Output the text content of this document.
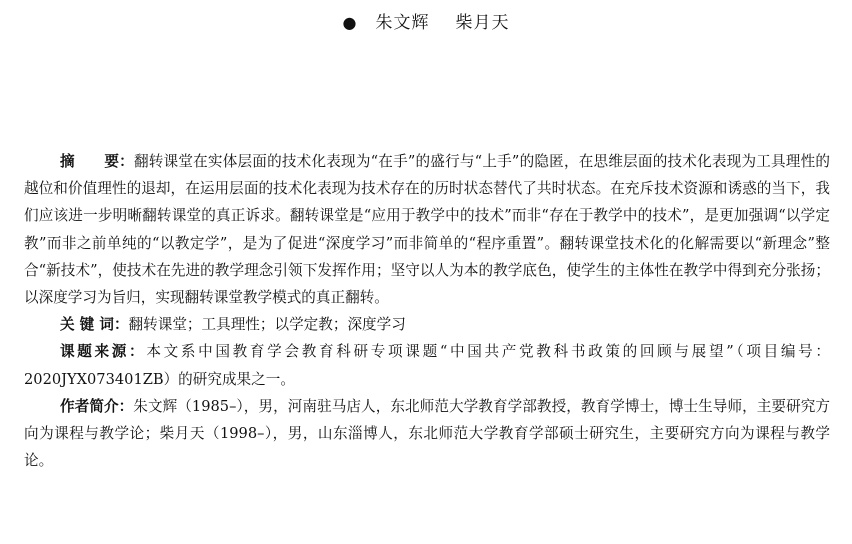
● 朱文辉 柴月天

摘　　要：翻转课堂在实体层面的技术化表现为“在手”的盛行与“上手”的隐匿，在思维层面的技术化表现为工具理性的越位和价值理性的退却，在运用层面的技术化表现为技术存在的历时状态替代了共时状态。在充斥技术资源和诱惑的当下，我们应该进一步明晰翻转课堂的真正诉求。翻转课堂是“应用于教学中的技术”而非“存在于教学中的技术”，是更加强调“以学定教”而非之前单纯的“以教定学”，是为了促进“深度学习”而非简单的“程序重置”。翻转课堂技术化的化解需要以“新理念”整合“新技术”，使技术在先进的教学理念引领下发挥作用；坚守以人为本的教学底色，使学生的主体性在教学中得到充分张扬；以深度学习为旨归，实现翻转课堂教学模式的真正翻转。

关 键 词：翻转课堂；工具理性；以学定教；深度学习

课题来源：本文系中国教育学会教育科研专项课题“中国共产党教科书政策的回顾与展望”（项目编号：2020JYX073401ZB）的研究成果之一。

作者简介：朱文辉（1985–），男，河南驻马店人，东北师范大学教育学部教授，教育学博士，博士生导师，主要研究方向为课程与教学论；柴月天（1998–），男，山东淄博人，东北师范大学教育学部硕士研究生，主要研究方向为课程与教学论。
